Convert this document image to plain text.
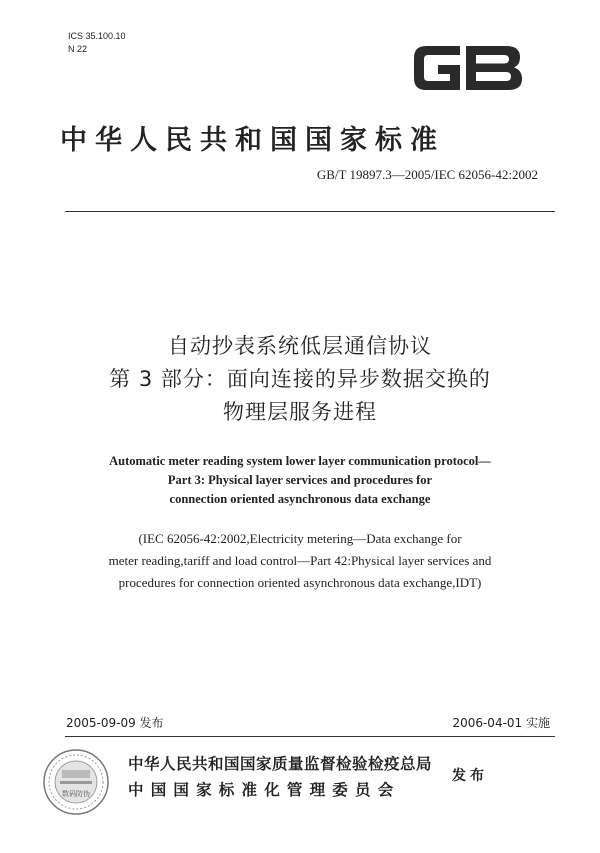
ICS 35.100.10
N 22
中华人民共和国国家标准
GB/T 19897.3—2005/IEC 62056-42:2002
自动抄表系统低层通信协议
第 3 部分：面向连接的异步数据交换的
物理层服务进程
Automatic meter reading system lower layer communication protocol—
Part 3: Physical layer services and procedures for
connection oriented asynchronous data exchange
(IEC 62056-42:2002,Electricity metering—Data exchange for
meter reading,tariff and load control—Part 42:Physical layer services and
procedures for connection oriented asynchronous data exchange,IDT)
2005-09-09 发布	2006-04-01 实施
数码防伪
中华人民共和国国家质量监督检验检疫总局
中国国家标准化管理委员会
发布
